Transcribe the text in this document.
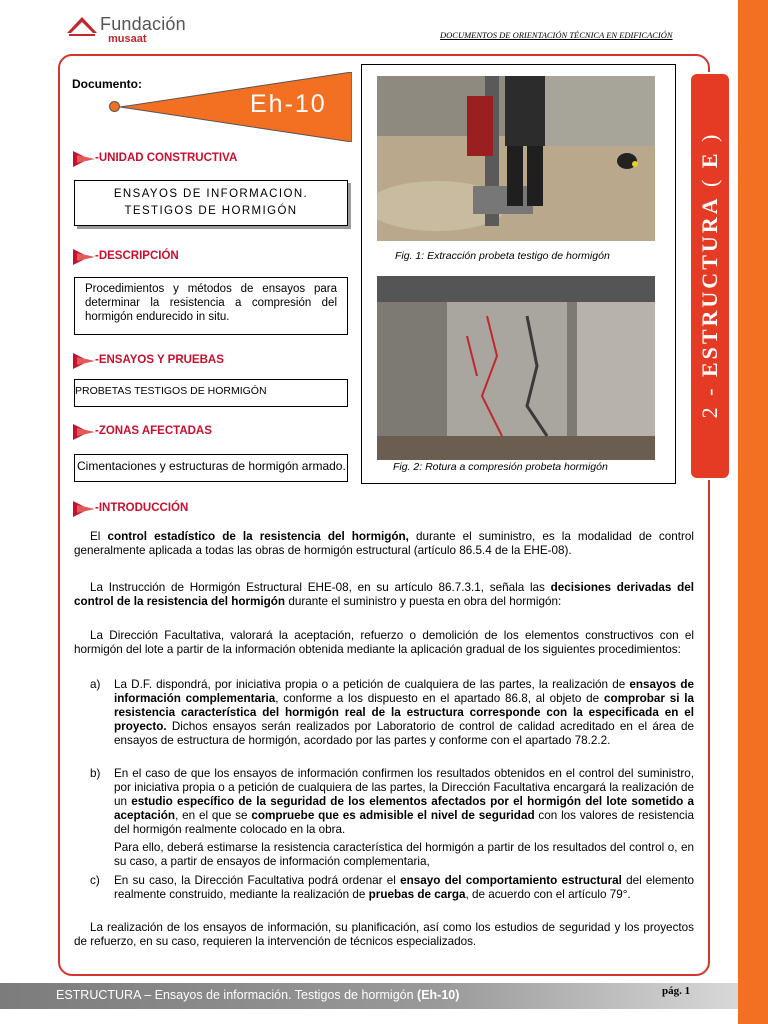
Fundación
musaat	DOCUMENTOS DE ORIENTACIÓN TÉCNICA EN EDIFICACIÓN
2 - ESTRUCTURA ( E )
Documento:
Eh-10
-UNIDAD CONSTRUCTIVA
ENSAYOS DE INFORMACION.
TESTIGOS DE HORMIGÓN
-DESCRIPCIÓN
Procedimientos y métodos de ensayos para determinar la resistencia a compresión del hormigón endurecido in situ.
-ENSAYOS Y PRUEBAS
PROBETAS TESTIGOS DE HORMIGÓN
-ZONAS AFECTADAS
Cimentaciones y estructuras de hormigón armado.
-INTRODUCCIÓN
Fig. 1: Extracción probeta testigo de hormigón
Fig. 2: Rotura a compresión probeta hormigón
El control estadístico de la resistencia del hormigón, durante el suministro, es la modalidad de control generalmente aplicada a todas las obras de hormigón estructural (artículo 86.5.4 de la EHE-08).
La Instrucción de Hormigón Estructural EHE-08, en su artículo 86.7.3.1, señala las decisiones derivadas del control de la resistencia del hormigón durante el suministro y puesta en obra del hormigón:
La Dirección Facultativa, valorará la aceptación, refuerzo o demolición de los elementos constructivos con el hormigón del lote a partir de la información obtenida mediante la aplicación gradual de los siguientes procedimientos:
a) La D.F. dispondrá, por iniciativa propia o a petición de cualquiera de las partes, la realización de ensayos de información complementaria, conforme a los dispuesto en el apartado 86.8, al objeto de comprobar si la resistencia característica del hormigón real de la estructura corresponde con la especificada en el proyecto. Dichos ensayos serán realizados por Laboratorio de control de calidad acreditado en el área de ensayos de estructura de hormigón, acordado por las partes y conforme con el apartado 78.2.2.
b) En el caso de que los ensayos de información confirmen los resultados obtenidos en el control del suministro, por iniciativa propia o a petición de cualquiera de las partes, la Dirección Facultativa encargará la realización de un estudio específico de la seguridad de los elementos afectados por el hormigón del lote sometido a aceptación, en el que se compruebe que es admisible el nivel de seguridad con los valores de resistencia del hormigón realmente colocado en la obra.
Para ello, deberá estimarse la resistencia característica del hormigón a partir de los resultados del control o, en su caso, a partir de ensayos de información complementaria,
c) En su caso, la Dirección Facultativa podrá ordenar el ensayo del comportamiento estructural del elemento realmente construido, mediante la realización de pruebas de carga, de acuerdo con el artículo 79°.
La realización de los ensayos de información, su planificación, así como los estudios de seguridad y los proyectos de refuerzo, en su caso, requieren la intervención de técnicos especializados.
ESTRUCTURA – Ensayos de información. Testigos de hormigón (Eh-10)	pág. 1
